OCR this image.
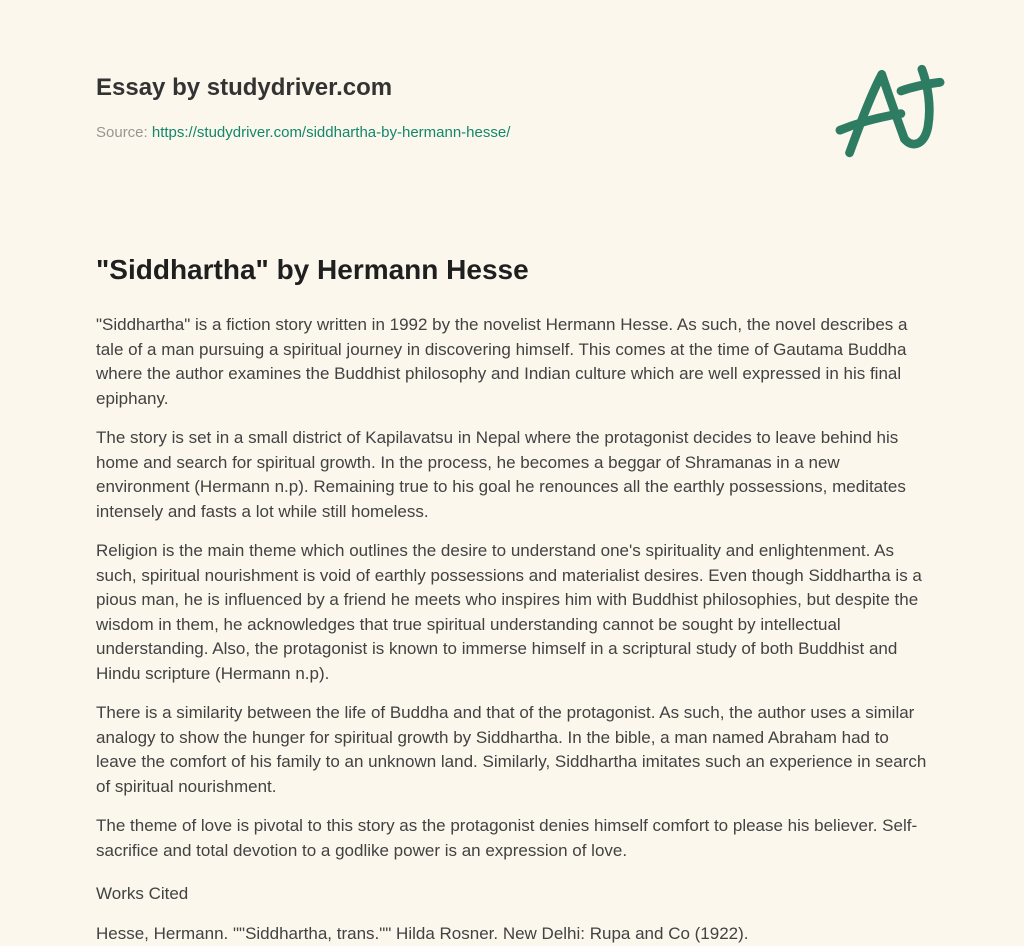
Essay by studydriver.com
Source: https://studydriver.com/siddhartha-by-hermann-hesse/
"Siddhartha" by Hermann Hesse

"Siddhartha" is a fiction story written in 1992 by the novelist Hermann Hesse. As such, the novel describes a tale of a man pursuing a spiritual journey in discovering himself. This comes at the time of Gautama Buddha where the author examines the Buddhist philosophy and Indian culture which are well expressed in his final epiphany.

The story is set in a small district of Kapilavatsu in Nepal where the protagonist decides to leave behind his home and search for spiritual growth. In the process, he becomes a beggar of Shramanas in a new environment (Hermann n.p). Remaining true to his goal he renounces all the earthly possessions, meditates intensely and fasts a lot while still homeless.

Religion is the main theme which outlines the desire to understand one's spirituality and enlightenment. As such, spiritual nourishment is void of earthly possessions and materialist desires. Even though Siddhartha is a pious man, he is influenced by a friend he meets who inspires him with Buddhist philosophies, but despite the wisdom in them, he acknowledges that true spiritual understanding cannot be sought by intellectual understanding. Also, the protagonist is known to immerse himself in a scriptural study of both Buddhist and Hindu scripture (Hermann n.p).

There is a similarity between the life of Buddha and that of the protagonist. As such, the author uses a similar analogy to show the hunger for spiritual growth by Siddhartha. In the bible, a man named Abraham had to leave the comfort of his family to an unknown land. Similarly, Siddhartha imitates such an experience in search of spiritual nourishment.

The theme of love is pivotal to this story as the protagonist denies himself comfort to please his believer. Self-sacrifice and total devotion to a godlike power is an expression of love.

Works Cited

Hesse, Hermann. ""Siddhartha, trans."" Hilda Rosner. New Delhi: Rupa and Co (1922).
